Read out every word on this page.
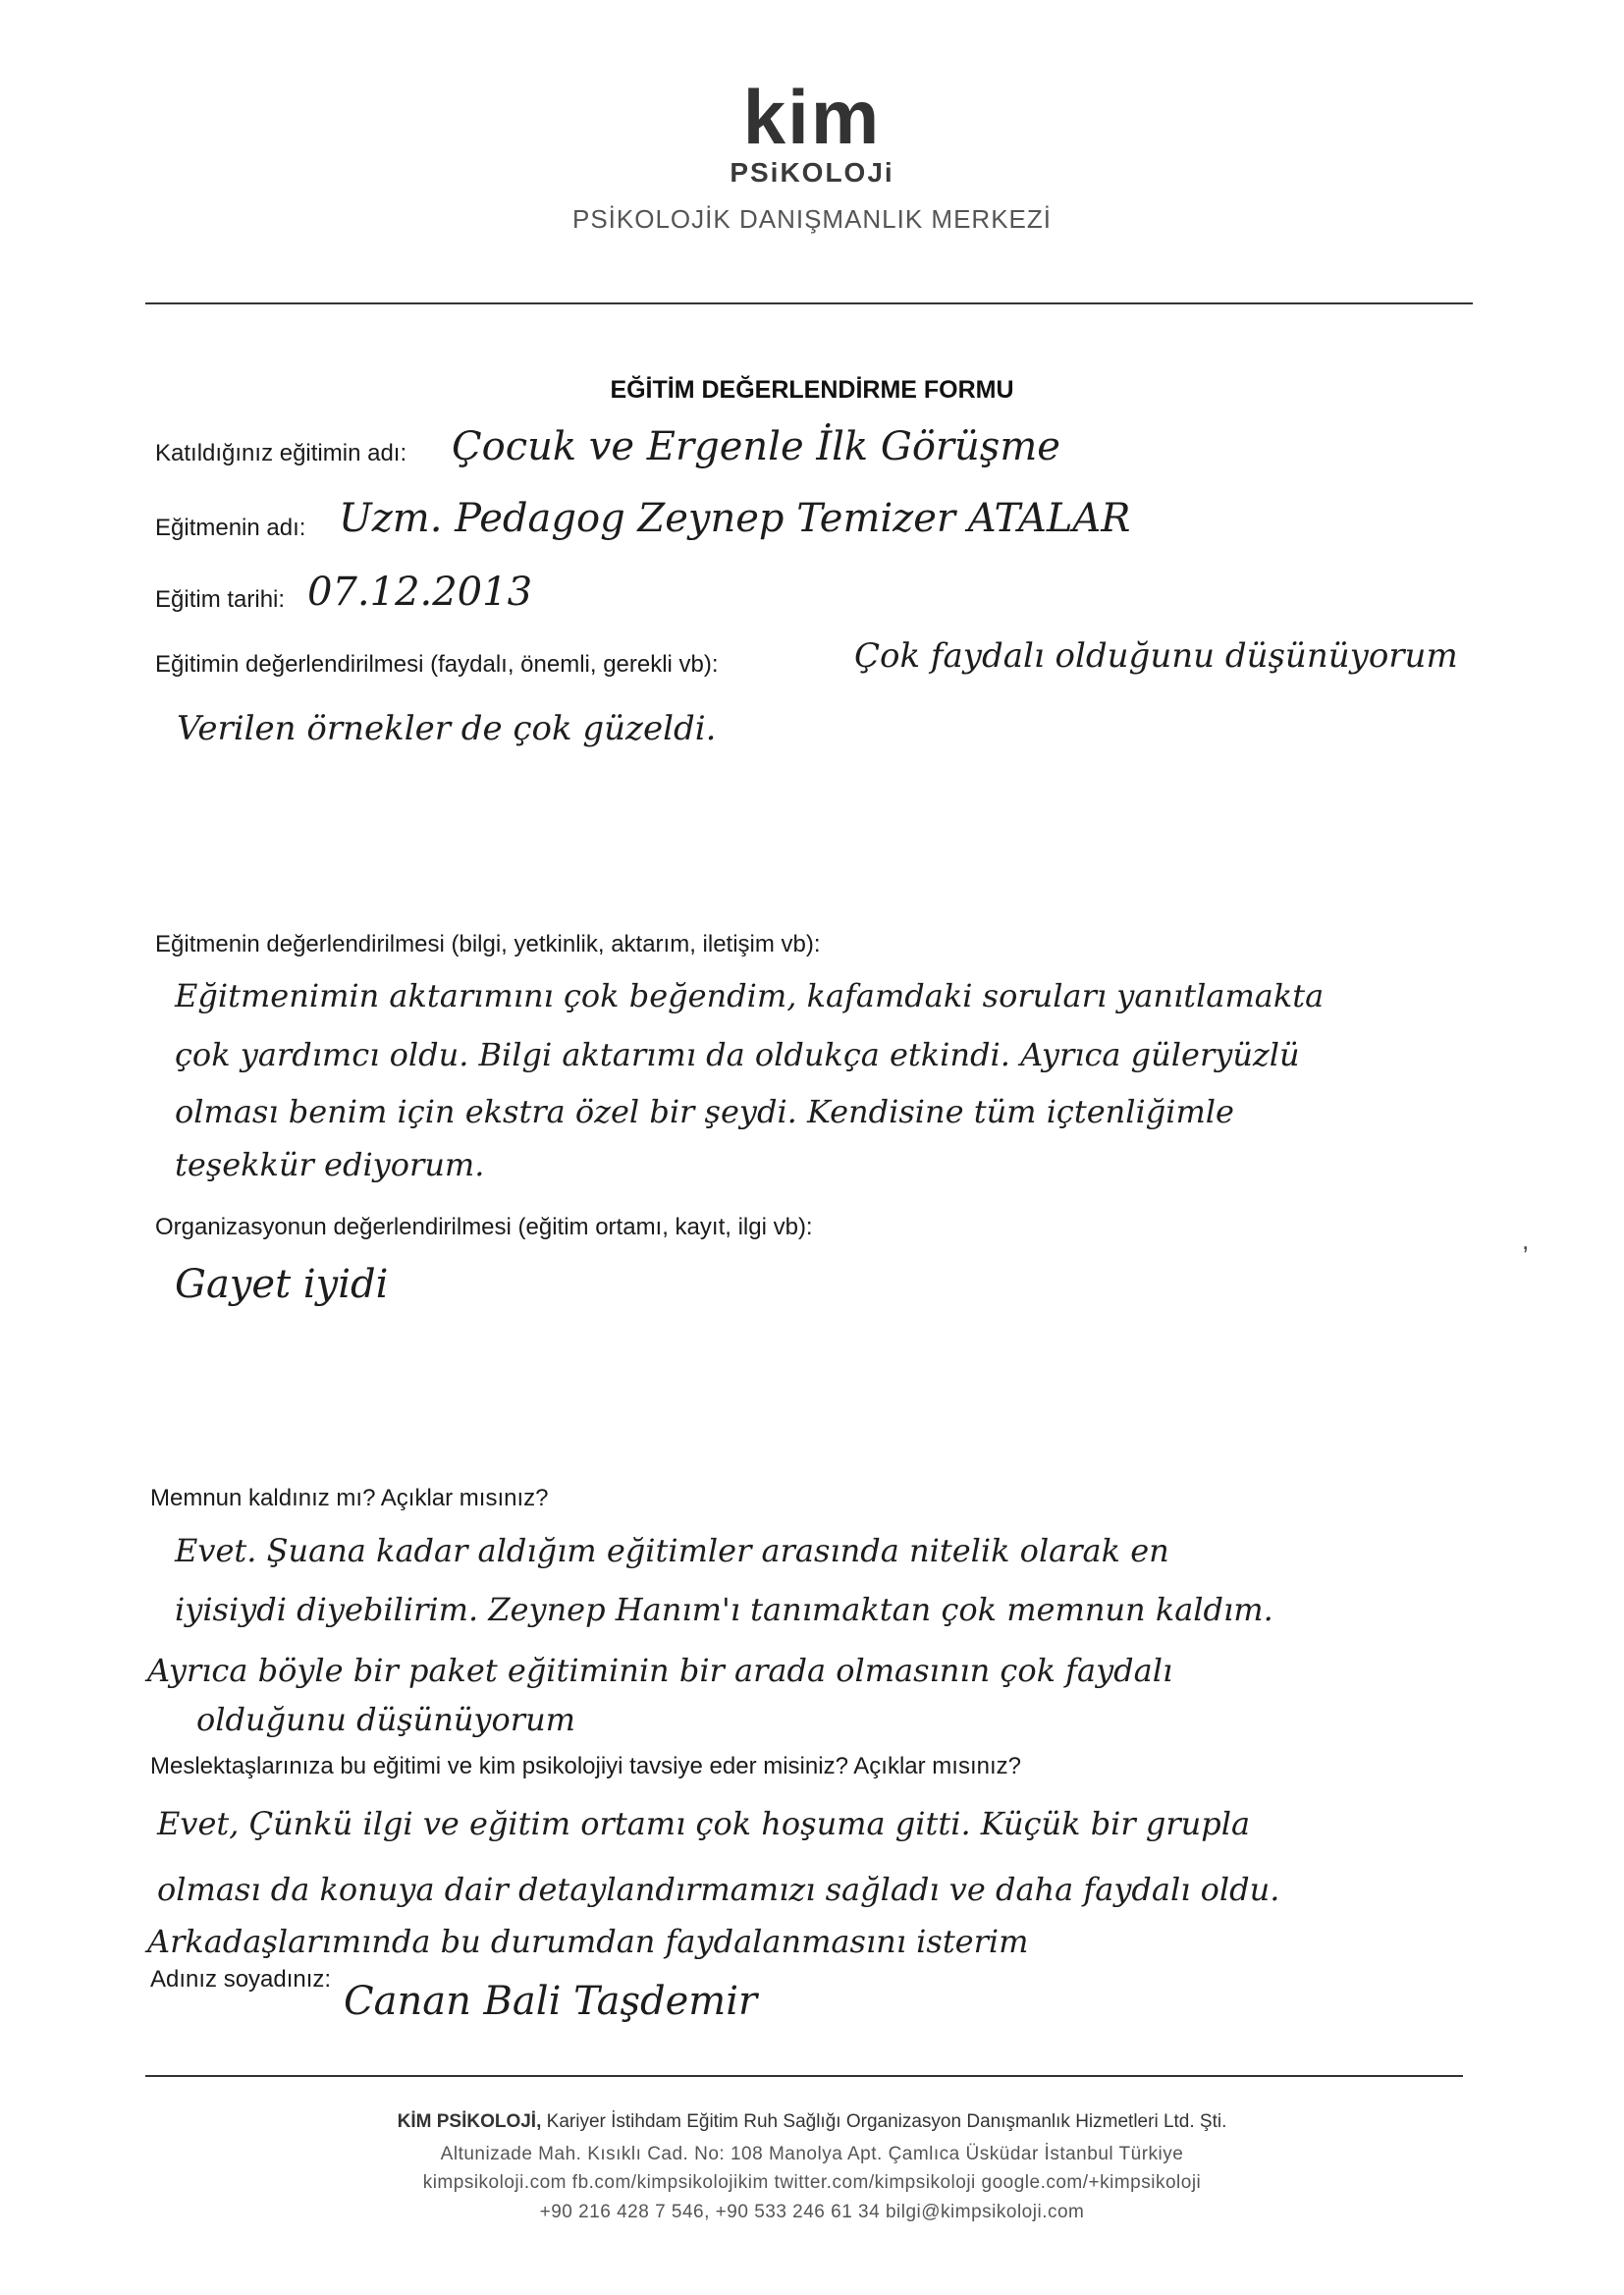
kim
PSiKOLOJi
PSİKOLOJİK DANIŞMANLIK MERKEZİ
EĞİTİM DEĞERLENDİRME FORMU
Katıldığınız eğitimin adı: Çocuk ve Ergenle İlk Görüşme
Eğitmenin adı: Uzm. Pedagog Zeynep Temizer ATALAR
Eğitim tarihi: 07.12.2013
Eğitimin değerlendirilmesi (faydalı, önemli, gerekli vb):	Çok faydalı olduğunu düşünüyorum
Verilen örnekler de çok güzeldi.
Eğitmenin değerlendirilmesi (bilgi, yetkinlik, aktarım, iletişim vb):
Eğitmenimin aktarımını çok beğendim, kafamdaki soruları yanıtlamakta
çok yardımcı oldu. Bilgi aktarımı da oldukça etkindi. Ayrıca güleryüzlü
olması benim için ekstra özel bir şeydi. Kendisine tüm içtenliğimle
teşekkür ediyorum.
Organizasyonun değerlendirilmesi (eğitim ortamı, kayıt, ilgi vb):	,
Gayet iyidi
Memnun kaldınız mı? Açıklar mısınız?
Evet. Şuana kadar aldığım eğitimler arasında nitelik olarak en
iyisiydi diyebilirim. Zeynep Hanım'ı tanımaktan çok memnun kaldım.
Ayrıca böyle bir paket eğitiminin bir arada olmasının çok faydalı
olduğunu düşünüyorum
Meslektaşlarınıza bu eğitimi ve kim psikolojiyi tavsiye eder misiniz? Açıklar mısınız?
Evet, Çünkü ilgi ve eğitim ortamı çok hoşuma gitti. Küçük bir grupla
olması da konuya dair detaylandırmamızı sağladı ve daha faydalı oldu.
Arkadaşlarımında bu durumdan faydalanmasını isterim
Adınız soyadınız: Canan Bali Taşdemir
KİM PSİKOLOJİ, Kariyer İstihdam Eğitim Ruh Sağlığı Organizasyon Danışmanlık Hizmetleri Ltd. Şti.
Altunizade Mah. Kısıklı Cad. No: 108 Manolya Apt. Çamlıca Üsküdar İstanbul Türkiye
kimpsikoloji.com fb.com/kimpsikolojikim twitter.com/kimpsikoloji google.com/+kimpsikoloji
+90 216 428 7 546, +90 533 246 61 34 bilgi@kimpsikoloji.com
